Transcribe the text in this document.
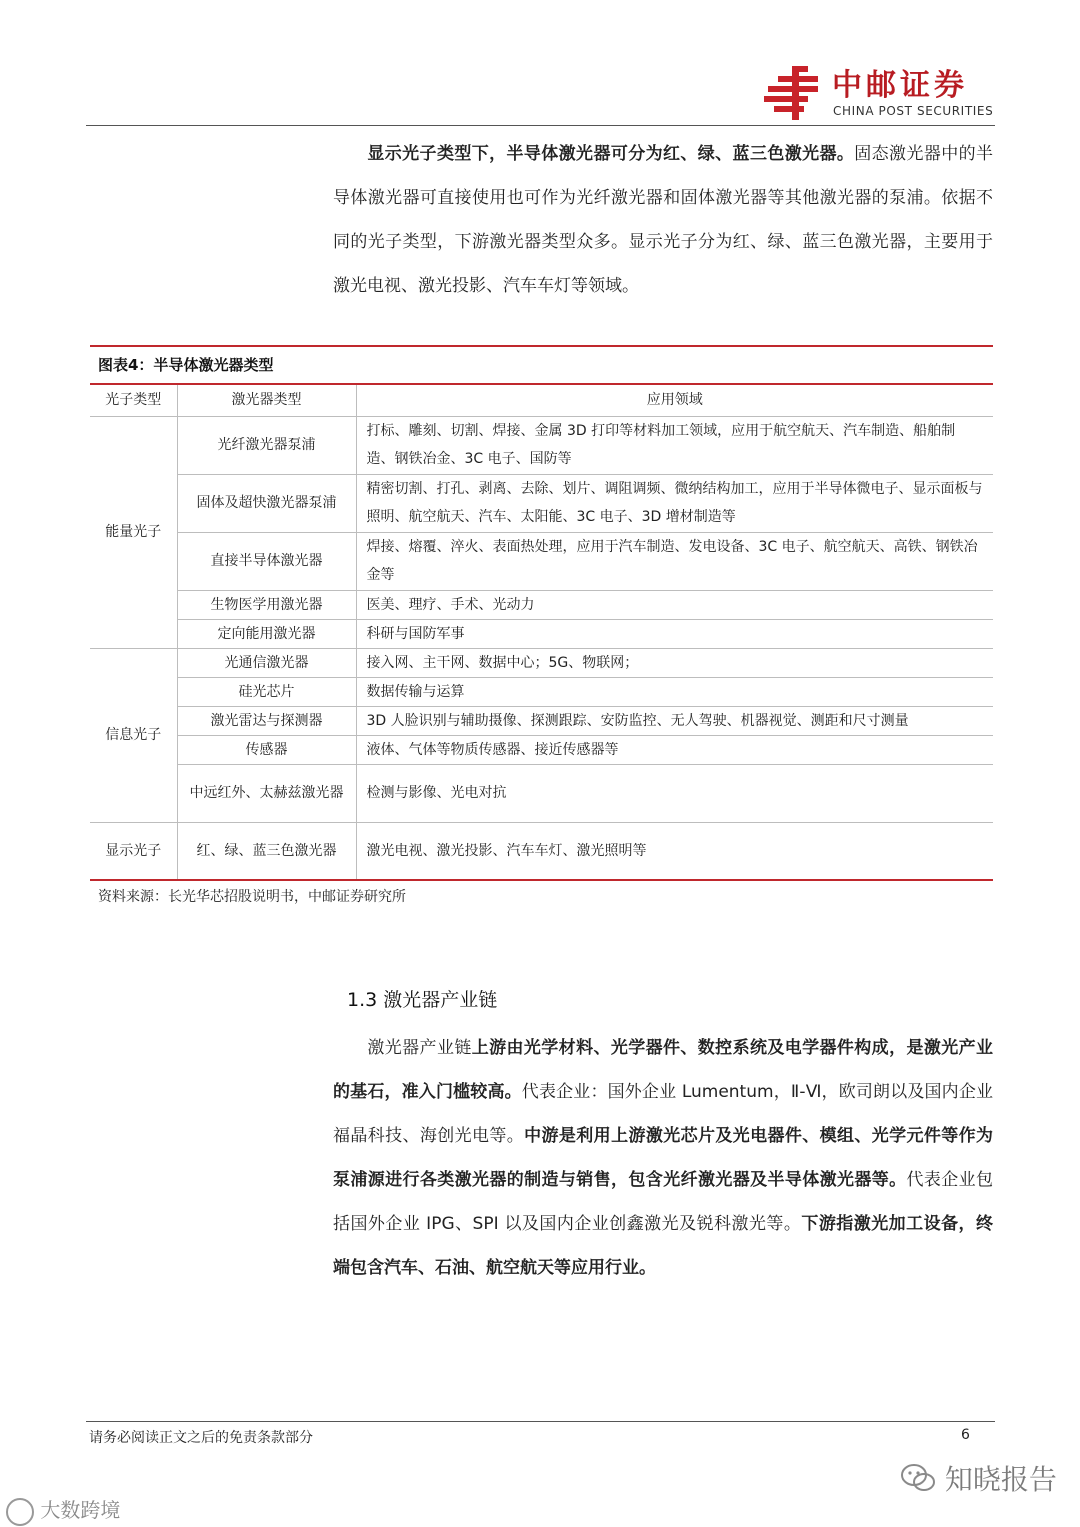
中邮证券
CHINA POST SECURITIES
  显示光子类型下，半导体激光器可分为红、绿、蓝三色激光器。固态激光器中的半导体激光器可直接使用也可作为光纤激光器和固体激光器等其他激光器的泵浦。依据不同的光子类型，下游激光器类型众多。显示光子分为红、绿、蓝三色激光器，主要用于激光电视、激光投影、汽车车灯等领域。
图表4：半导体激光器类型
光子类型	激光器类型	应用领域
能量光子	光纤激光器泵浦	打标、雕刻、切割、焊接、金属 3D 打印等材料加工领域，应用于航空航天、汽车制造、船舶制造、钢铁冶金、3C 电子、国防等
	固体及超快激光器泵浦	精密切割、打孔、剥离、去除、划片、调阻调频、微纳结构加工，应用于半导体微电子、显示面板与照明、航空航天、汽车、太阳能、3C 电子、3D 增材制造等
	直接半导体激光器	焊接、熔覆、淬火、表面热处理，应用于汽车制造、发电设备、3C 电子、航空航天、高铁、钢铁冶金等
	生物医学用激光器	医美、理疗、手术、光动力
	定向能用激光器	科研与国防军事
信息光子	光通信激光器	接入网、主干网、数据中心；5G、物联网；
	硅光芯片	数据传输与运算
	激光雷达与探测器	3D 人脸识别与辅助摄像、探测跟踪、安防监控、无人驾驶、机器视觉、测距和尺寸测量
	传感器	液体、气体等物质传感器、接近传感器等
	中远红外、太赫兹激光器	检测与影像、光电对抗
显示光子	红、绿、蓝三色激光器	激光电视、激光投影、汽车车灯、激光照明等
资料来源：长光华芯招股说明书，中邮证券研究所
1.3 激光器产业链
  激光器产业链上游由光学材料、光学器件、数控系统及电学器件构成，是激光产业的基石，准入门槛较高。代表企业：国外企业 Lumentum，Ⅱ-Ⅵ，欧司朗以及国内企业福晶科技、海创光电等。中游是利用上游激光芯片及光电器件、模组、光学元件等作为泵浦源进行各类激光器的制造与销售，包含光纤激光器及半导体激光器等。代表企业包括国外企业 IPG、SPI 以及国内企业创鑫激光及锐科激光等。下游指激光加工设备，终端包含汽车、石油、航空航天等应用行业。
请务必阅读正文之后的免责条款部分	6
知晓报告
大数跨境
